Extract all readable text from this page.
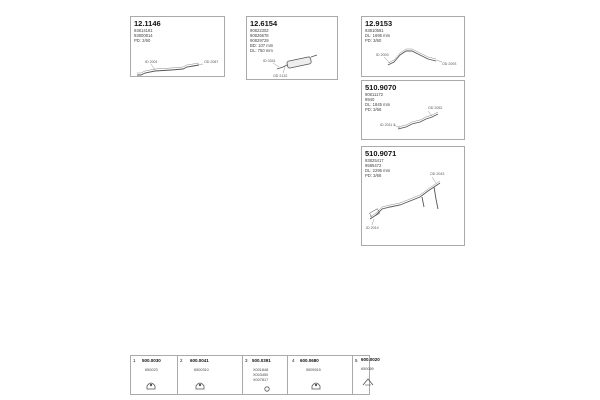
12.1146
93814181
93800814
PD: 2/60
ID 2001	OD 2087
12.6154
90822302
90826678
90829729
BD: 107 mm
DL: 750 mm
ID 0341
OD 2132
12.9153
93810581
DL: 1695 mm
PD: 3/60
ID 2003
OD 2093
510.9070
90811172
9940
DL: 1845 mm
PD: 3/66	OD 2052
ID 2011 5
510.9071
93825417
9585472
DL: 2295 mm
PD: 3/66	OD 2043
ID 2014
1 500.0030
650023
2 600.0041
6500310
3 500.0391
X001848
X003450
X007817
4 600.0680
5505915
5 600.0020
650069
